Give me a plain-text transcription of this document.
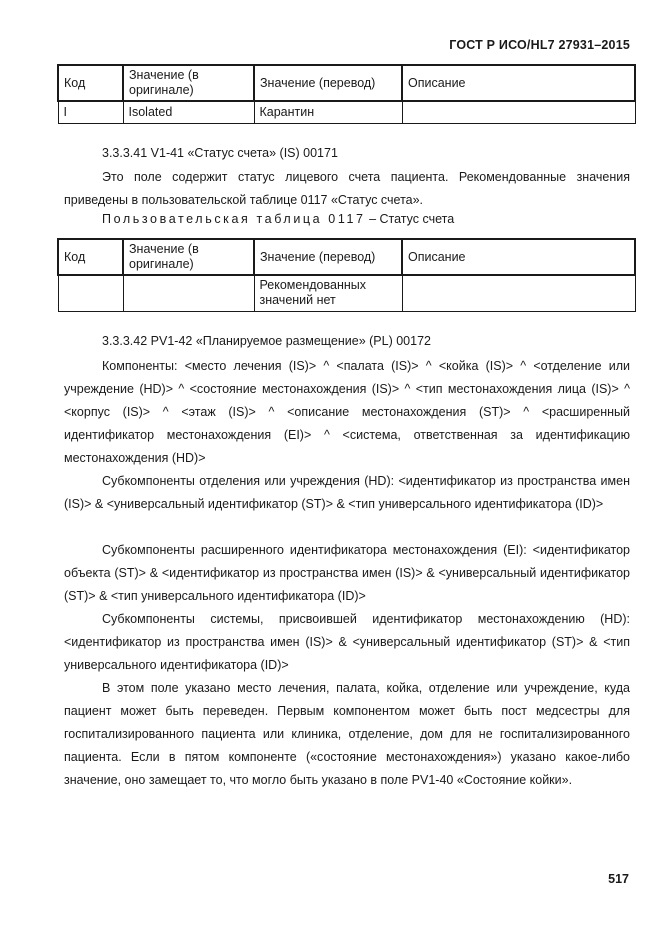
ГОСТ Р ИСО/HL7 27931–2015
Код	Значение (в оригинале)	Значение (перевод)	Описание
I	Isolated	Карантин	
3.3.3.41 V1-41 «Статус счета» (IS) 00171
Это поле содержит статус лицевого счета пациента. Рекомендованные значения приведены в пользовательской таблице 0117 «Статус счета».
Пользовательская таблица 0117 – Статус счета
Код	Значение (в оригинале)	Значение (перевод)	Описание
		Рекомендованных значений нет	
3.3.3.42 PV1-42 «Планируемое размещение» (PL) 00172
Компоненты: <место лечения (IS)> ^ <палата (IS)> ^ <койка (IS)> ^ <отделение или учреждение (HD)> ^ <состояние местонахождения (IS)> ^ <тип местонахождения лица (IS)> ^ <корпус (IS)> ^ <этаж (IS)> ^ <описание местонахождения (ST)> ^ <расширенный идентификатор местонахождения (EI)> ^ <система, ответственная за идентификацию местонахождения (HD)>
Субкомпоненты отделения или учреждения (HD): <идентификатор из пространства имен (IS)> & <универсальный идентификатор (ST)> & <тип универсального идентификатора (ID)>
Субкомпоненты расширенного идентификатора местонахождения (EI): <идентификатор объекта (ST)> & <идентификатор из пространства имен (IS)> & <универсальный идентификатор (ST)> & <тип универсального идентификатора (ID)>
Субкомпоненты системы, присвоившей идентификатор местонахождению (HD): <идентификатор из пространства имен (IS)> & <универсальный идентификатор (ST)> & <тип универсального идентификатора (ID)>
В этом поле указано место лечения, палата, койка, отделение или учреждение, куда пациент может быть переведен. Первым компонентом может быть пост медсестры для госпитализированного пациента или клиника, отделение, дом для не госпитализированного пациента. Если в пятом компоненте («состояние местонахождения») указано какое-либо значение, оно замещает то, что могло быть указано в поле PV1-40 «Состояние койки».
517
